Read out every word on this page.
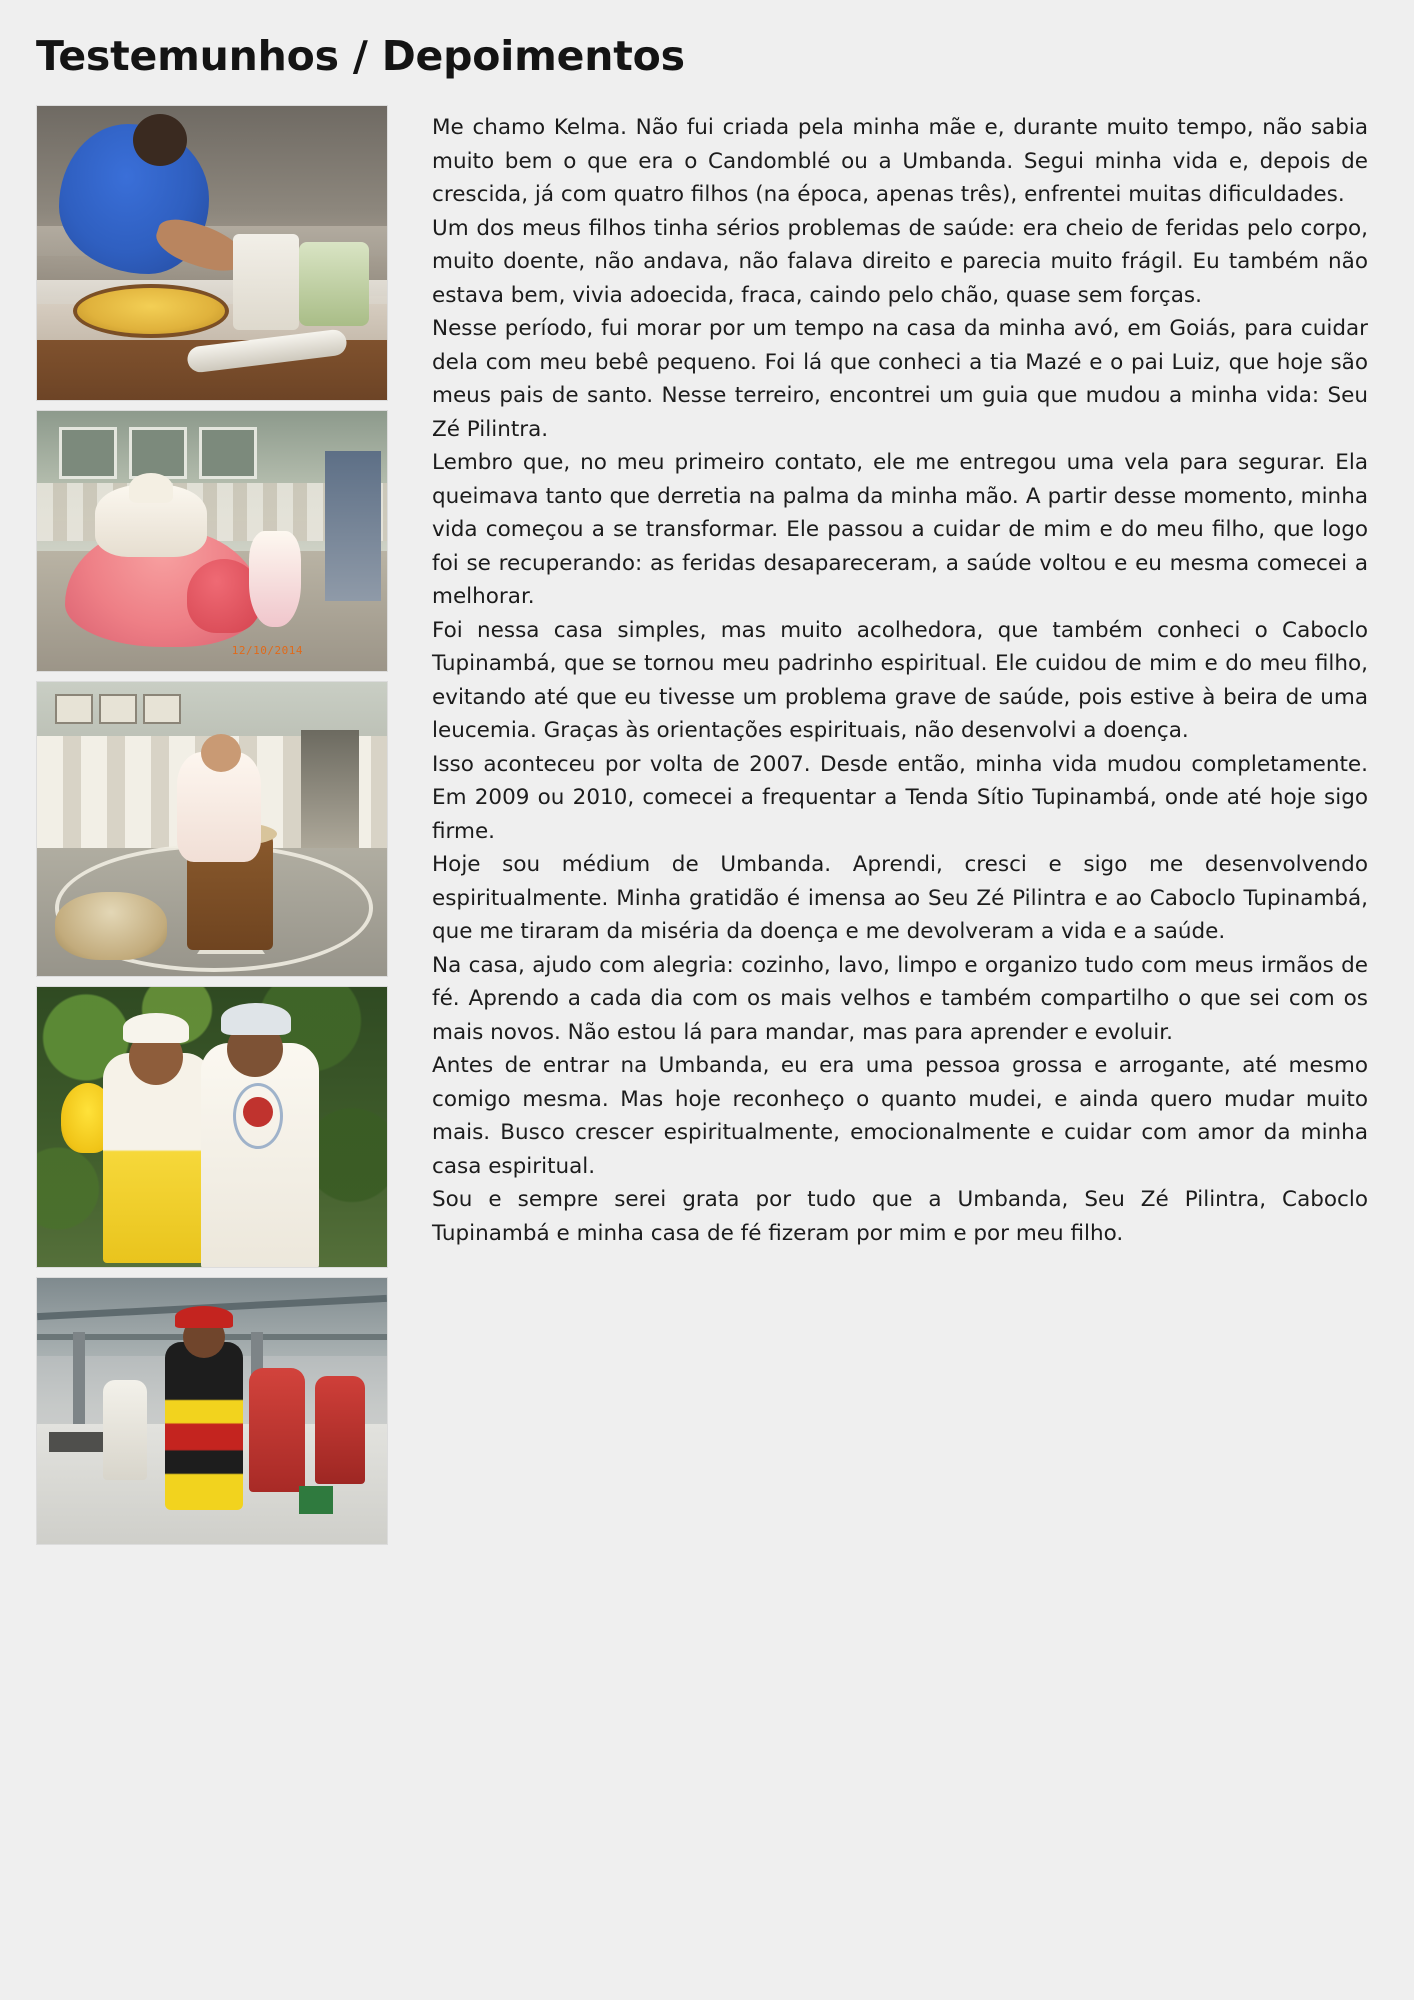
Testemunhos / Depoimentos
12/10/2014

Me chamo Kelma. Não fui criada pela minha mãe e, durante muito tempo, não sabia muito bem o que era o Candomblé ou a Umbanda. Segui minha vida e, depois de crescida, já com quatro filhos (na época, apenas três), enfrentei muitas dificuldades.

Um dos meus filhos tinha sérios problemas de saúde: era cheio de feridas pelo corpo, muito doente, não andava, não falava direito e parecia muito frágil. Eu também não estava bem, vivia adoecida, fraca, caindo pelo chão, quase sem forças.

Nesse período, fui morar por um tempo na casa da minha avó, em Goiás, para cuidar dela com meu bebê pequeno. Foi lá que conheci a tia Mazé e o pai Luiz, que hoje são meus pais de santo. Nesse terreiro, encontrei um guia que mudou a minha vida: Seu Zé Pilintra.

Lembro que, no meu primeiro contato, ele me entregou uma vela para segurar. Ela queimava tanto que derretia na palma da minha mão. A partir desse momento, minha vida começou a se transformar. Ele passou a cuidar de mim e do meu filho, que logo foi se recuperando: as feridas desapareceram, a saúde voltou e eu mesma comecei a melhorar.

Foi nessa casa simples, mas muito acolhedora, que também conheci o Caboclo Tupinambá, que se tornou meu padrinho espiritual. Ele cuidou de mim e do meu filho, evitando até que eu tivesse um problema grave de saúde, pois estive à beira de uma leucemia. Graças às orientações espirituais, não desenvolvi a doença.

Isso aconteceu por volta de 2007. Desde então, minha vida mudou completamente. Em 2009 ou 2010, comecei a frequentar a Tenda Sítio Tupinambá, onde até hoje sigo firme.

Hoje sou médium de Umbanda. Aprendi, cresci e sigo me desenvolvendo espiritualmente. Minha gratidão é imensa ao Seu Zé Pilintra e ao Caboclo Tupinambá, que me tiraram da miséria da doença e me devolveram a vida e a saúde.

Na casa, ajudo com alegria: cozinho, lavo, limpo e organizo tudo com meus irmãos de fé. Aprendo a cada dia com os mais velhos e também compartilho o que sei com os mais novos. Não estou lá para mandar, mas para aprender e evoluir.

Antes de entrar na Umbanda, eu era uma pessoa grossa e arrogante, até mesmo comigo mesma. Mas hoje reconheço o quanto mudei, e ainda quero mudar muito mais. Busco crescer espiritualmente, emocionalmente e cuidar com amor da minha casa espiritual.

Sou e sempre serei grata por tudo que a Umbanda, Seu Zé Pilintra, Caboclo Tupinambá e minha casa de fé fizeram por mim e por meu filho.
